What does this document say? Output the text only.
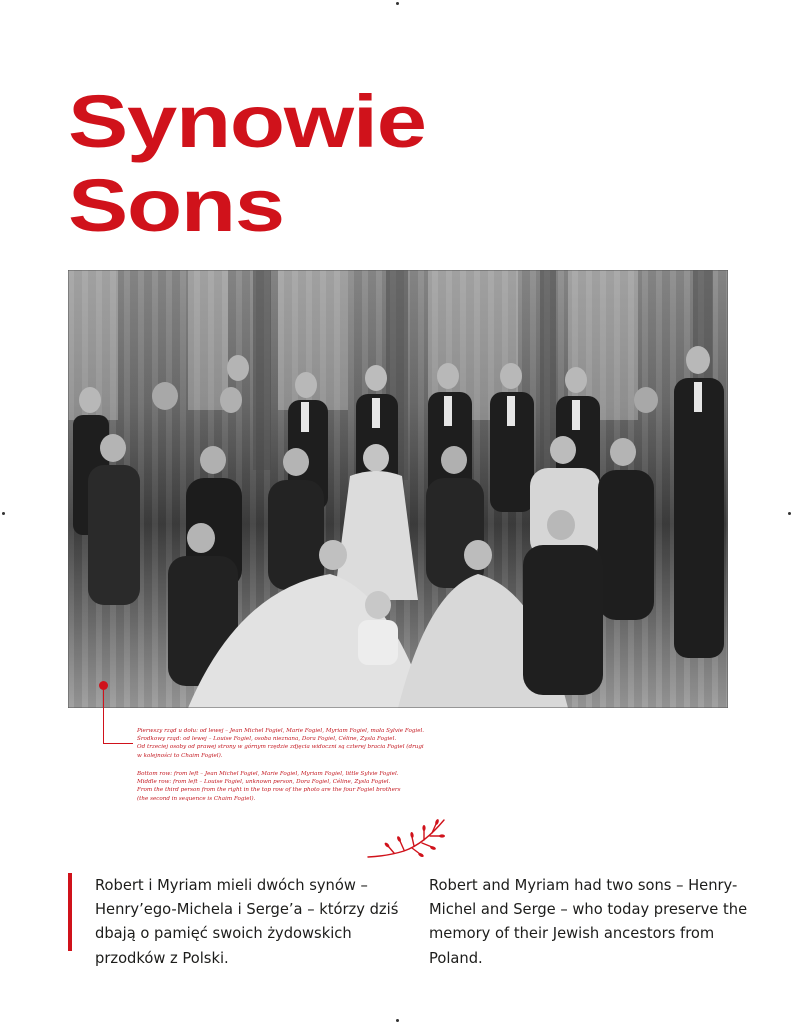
Synowie
Sons

Pierwszy rząd u dołu: od lewej – Jean Michel Fogiel, Marie Fogiel, Myriam Fogiel, mała Sylvie Fogiel.

Środkowy rząd: od lewej – Louise Fogiel, osoba nieznana, Dora Fogiel, Céline, Zysla Fogiel.

Od trzeciej osoby od prawej strony w górnym rzędzie zdjęcia widoczni są czterej bracia Fogiel (drugi

w kolejności to Chaim Fogiel).

Bottom row: from left – Jean Michel Fogiel, Marie Fogiel, Myriam Fogiel, little Sylvie Fogiel.

Middle row: from left – Louise Fogiel, unknown person, Dora Fogiel, Céline, Zysla Fogiel.

From the third person from the right in the top row of the photo are the four Fogiel brothers

(the second in sequence is Chaim Fogiel).

Robert i Myriam mieli dwóch synów – Henry’ego-Michela i Serge’a – którzy dziś dbają o pamięć swoich żydowskich przodków z Polski.

Robert and Myriam had two sons – Henry-Michel and Serge – who today preserve the memory of their Jewish ancestors from Poland.
